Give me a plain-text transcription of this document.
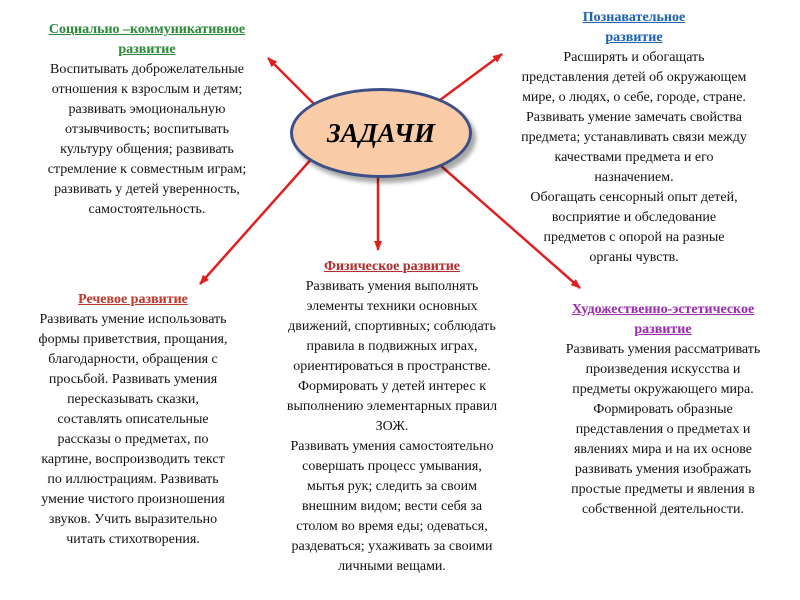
ЗАДАЧИ
Социально –коммуникативное
развитие
Воспитывать доброжелательные
отношения к взрослым и детям;
развивать эмоциональную
отзывчивость; воспитывать
культуру общения; развивать
стремление к совместным играм;
развивать у детей уверенность,
самостоятельность.
Познавательное
развитие
Расширять и обогащать
представления детей об окружающем
мире, о людях, о себе, городе, стране.
Развивать умение замечать свойства
предмета; устанавливать связи между
качествами предмета и его
назначением.
Обогащать сенсорный опыт детей,
восприятие и обследование
предметов с опорой на разные
органы чувств.
Речевое развитие
Развивать умение использовать
формы приветствия, прощания,
благодарности, обращения с
просьбой. Развивать умения
пересказывать сказки,
составлять описательные
рассказы о предметах, по
картине, воспроизводить текст
по иллюстрациям. Развивать
умение чистого произношения
звуков. Учить выразительно
читать стихотворения.
Физическое развитие
Развивать умения выполнять
элементы техники основных
движений, спортивных; соблюдать
правила в подвижных играх,
ориентироваться в пространстве.
Формировать у детей интерес к
выполнению элементарных правил
ЗОЖ.
Развивать умения самостоятельно
совершать процесс умывания,
мытья рук; следить за своим
внешним видом; вести себя за
столом во время еды; одеваться,
раздеваться; ухаживать за своими
личными вещами.
Художественно-эстетическое
развитие
Развивать умения рассматривать
произведения искусства и
предметы окружающего мира.
Формировать образные
представления о предметах и
явлениях мира и на их основе
развивать умения изображать
простые предметы и явления в
собственной деятельности.
